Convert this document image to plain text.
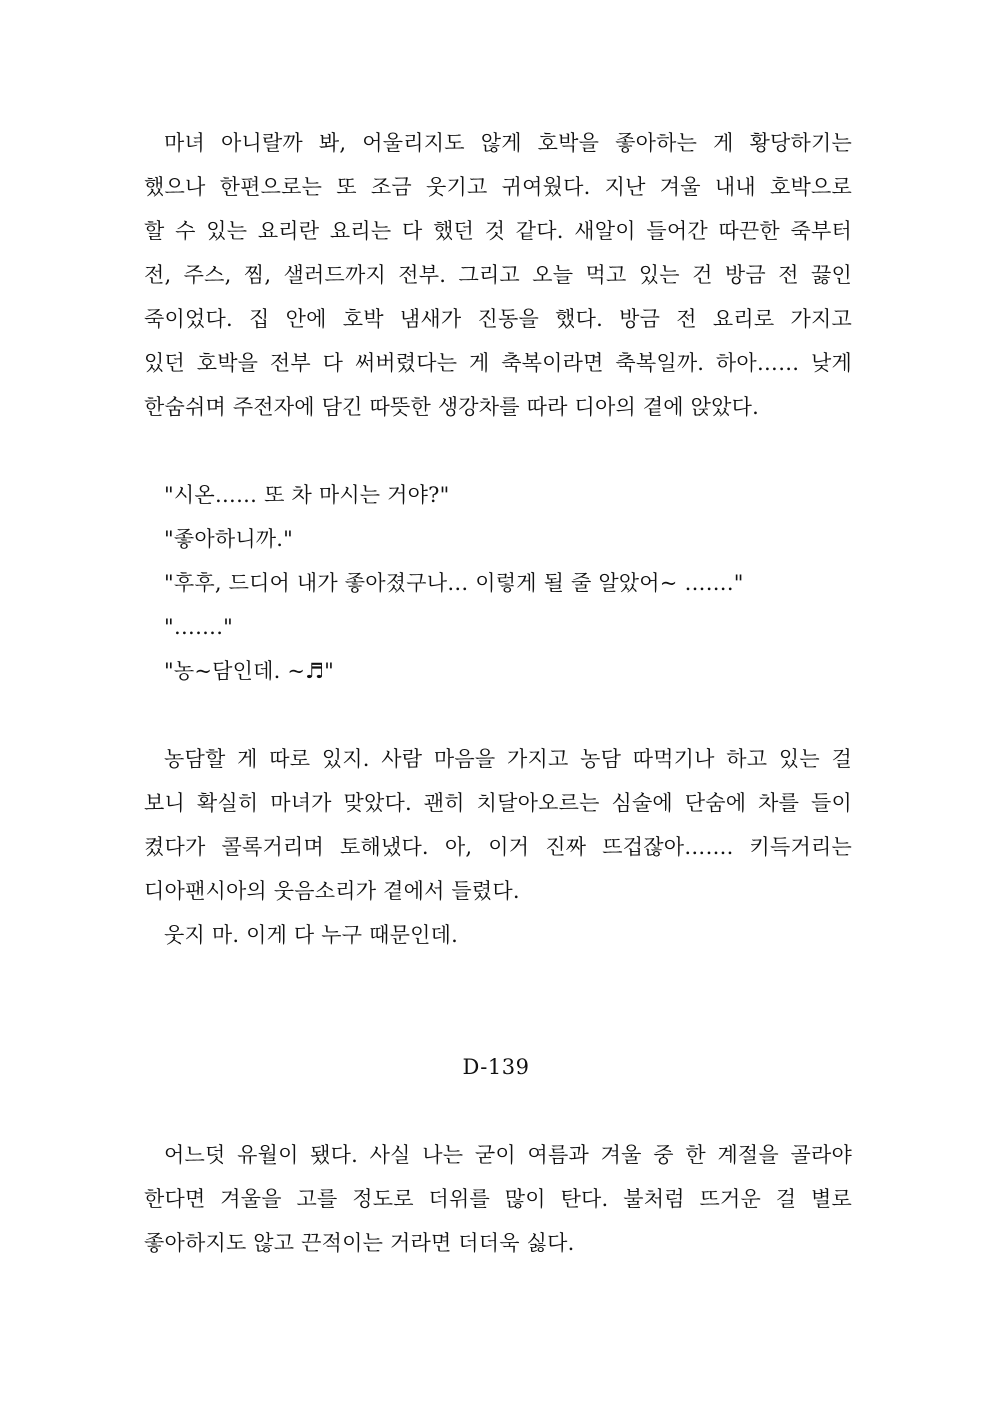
마녀 아니랄까 봐, 어울리지도 않게 호박을 좋아하는 게 황당하기는
했으나 한편으로는 또 조금 웃기고 귀여웠다. 지난 겨울 내내 호박으로
할 수 있는 요리란 요리는 다 했던 것 같다. 새알이 들어간 따끈한 죽부터
전, 주스, 찜, 샐러드까지 전부. 그리고 오늘 먹고 있는 건 방금 전 끓인
죽이었다. 집 안에 호박 냄새가 진동을 했다. 방금 전 요리로 가지고
있던 호박을 전부 다 써버렸다는 게 축복이라면 축복일까. 하아…… 낮게
한숨쉬며 주전자에 담긴 따뜻한 생강차를 따라 디아의 곁에 앉았다.
"시온…… 또 차 마시는 거야?"
"좋아하니까."
"후후, 드디어 내가 좋아졌구나… 이렇게 될 줄 알았어~ ……."
"……."
"농~담인데. ~♬"
농담할 게 따로 있지. 사람 마음을 가지고 농담 따먹기나 하고 있는 걸
보니 확실히 마녀가 맞았다. 괜히 치달아오르는 심술에 단숨에 차를 들이
켰다가 콜록거리며 토해냈다. 아, 이거 진짜 뜨겁잖아……. 키득거리는
디아팬시아의 웃음소리가 곁에서 들렸다.
웃지 마. 이게 다 누구 때문인데.
D-139
어느덧 유월이 됐다. 사실 나는 굳이 여름과 겨울 중 한 계절을 골라야
한다면 겨울을 고를 정도로 더위를 많이 탄다. 불처럼 뜨거운 걸 별로
좋아하지도 않고 끈적이는 거라면 더더욱 싫다.
